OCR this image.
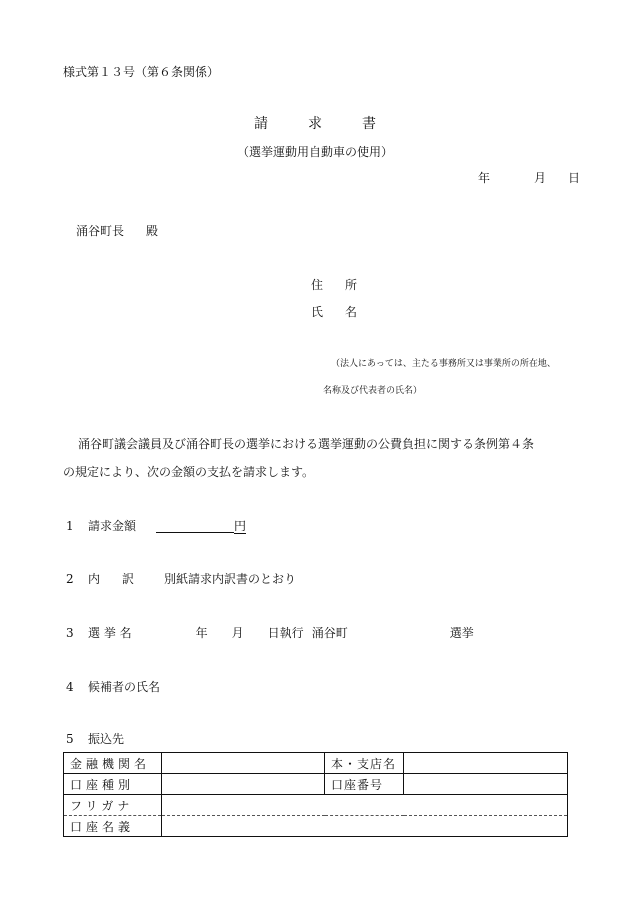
様式第１３号（第６条関係）
請求書
（選挙運動用自動車の使用）
年	月 日
涌谷町長 殿
住 所
氏 名
（法人にあっては、主たる事務所又は事業所の所在地、
名称及び代表者の氏名）
涌谷町議会議員及び涌谷町長の選挙における選挙運動の公費負担に関する条例第４条
の規定により、次の金額の支払を請求します。
1 請求金額	円
2 内 訳	別紙請求内訳書のとおり
3 選 挙 名	年 月 日執行 涌谷町	選挙
4 候補者の氏名
5 振込先
金融機関名		本・支店名	
口座種別		口座番号	
フリガナ			
口座名義			
